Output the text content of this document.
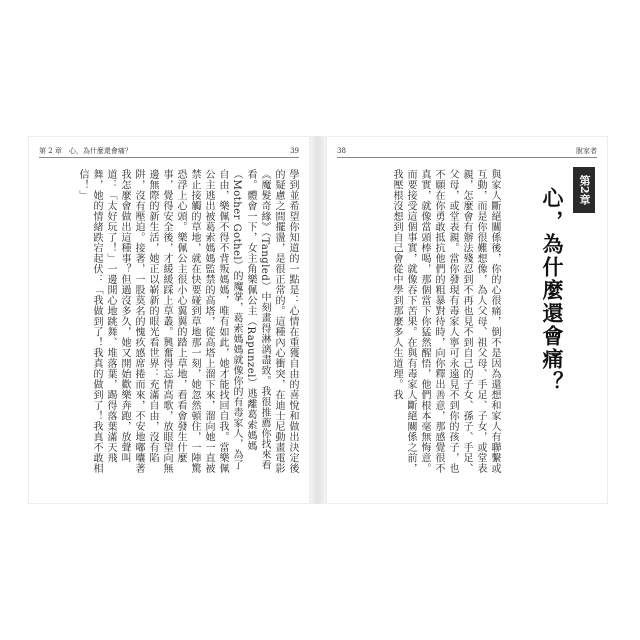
第 2 章　心，為什麼還會痛？	39
學到並希望你知道的一點是：心情在重獲自由的喜悅和做出決定後的疑慮之間擺盪，是很正常的。這種內心衝突，在迪士尼動畫電影《魔髮奇緣》（Tangled）中刻畫得淋漓盡致。我很推薦你找來看看。體會一下，女主角樂佩公主（Rapunzel）逃離葛索媽媽（Mother Gothel）的魔掌，葛索媽媽就像你的有毒家人，為了自由，樂佩不得不背叛媽媽，唯有如此，她才能找回自我。當樂佩公主逃出被葛索媽媽監禁的高塔，從高塔上溜下來，溜向她一直被禁止接觸的草地，就在快要碰到草地那一刻，她忽然頓住，一陣驚恐浮上心頭。樂佩公主很小心翼翼的踏上草地，看看會發生什麼事，覺得安全後，才緩緩踩上草叢。興奮得忘情高歌，放眼望向無邊無際的新生活，她正以嶄新的眼光看世界：充滿自由，沒有陷阱，沒有壓迫。接著，一股莫名的愧疚感席捲而來，不安地嘟囔著我怎麼會做出這種事？但過沒多久，她又開始歡樂奔跑，放聲叫道：「太好玩了！」一邊開心地跳舞、堆落葉，踢得落葉滿天飛舞，她的情緒跌宕起伏：「我做到了！我真的做到了！我真不敢相信！」
38	脫家者
第2章
心，為什麼還會痛？
與家人斷絕關係後，你的心很痛，倒不是因為還想和家人有聯繫或互動，而是你很難想像，為人父母、祖父母、手足、子女，或堂表親，怎麼會有辦法殘忍到不再也見不到自己的子女、孫子、手足、父母，或堂表親。當你發現有毒家人寧可永遠見不到你的孩子，也不願在你勇敢抵抗他們的粗暴對待時，向你釋出善意，那感覺很不真實，就像當頭棒喝，那個當下你猛然醒悟，他們根本毫無悔意。而要接受這個事實，就像吞下苦果。在與有毒家人斷絕關係之前，我壓根沒想到自己會從中學到那麼多人生道理。我
